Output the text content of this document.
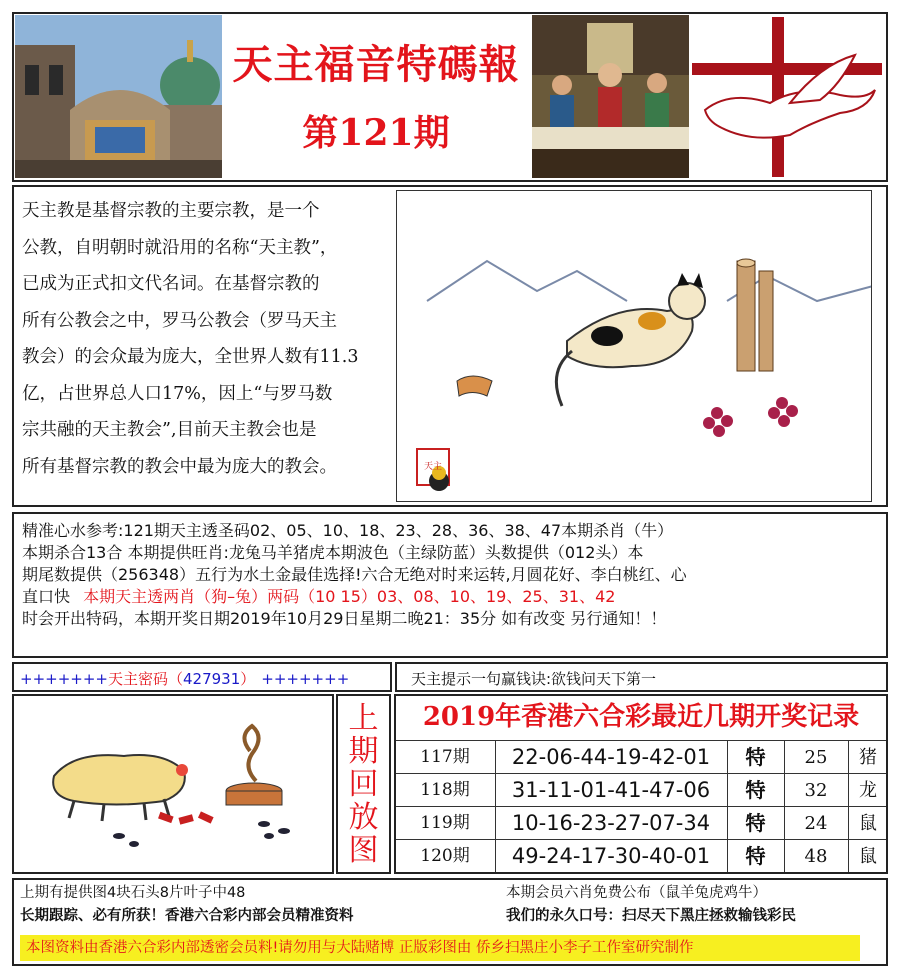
天主福音特碼報
第121期
天主教是基督宗教的主要宗教，是一个
公教，自明朝时就沿用的名称“天主教”，
已成为正式扣文代名词。在基督宗教的
所有公教会之中，罗马公教会（罗马天主
教会）的会众最为庞大，全世界人数有11.3
亿，占世界总人口17%，因上“与罗马数
宗共融的天主教会”,目前天主教会也是
所有基督宗教的教会中最为庞大的教会。	天主
精准心水参考:121期天主透圣码02、05、10、18、23、28、36、38、47本期杀肖（牛）
本期杀合13合 本期提供旺肖:龙兔马羊猪虎本期波色（主绿防蓝）头数提供（012头）本
期尾数提供（256348）五行为水土金最佳选择!六合无绝对时来运转,月圆花好、李白桃红、心
直口快 本期天主透两肖（狗–兔）两码（10 15）03、08、10、19、25、31、42
时会开出特码，本期开奖日期2019年10月29日星期二晚21：35分 如有改变 另行通知！！
+++++++天主密码（427931） +++++++	天主提示一句赢钱诀:欲钱问天下第一
上
期
回
放
图
2019年香港六合彩最近几期开奖记录
117期	22-06-44-19-42-01	特	25	猪
118期	31-11-01-41-47-06	特	32	龙
119期	10-16-23-27-07-34	特	24	鼠
120期	49-24-17-30-40-01	特	48	鼠
上期有提供图4块石头8片叶子中48	本期会员六肖免费公布（鼠羊兔虎鸡牛）
长期跟踪、必有所获！香港六合彩内部会员精准资料	我们的永久口号：扫尽天下黑庄拯救输钱彩民
本图资料由香港六合彩内部透密会员料!请勿用与大陆赌博 正版彩图由 侨乡扫黑庄小李子工作室研究制作
